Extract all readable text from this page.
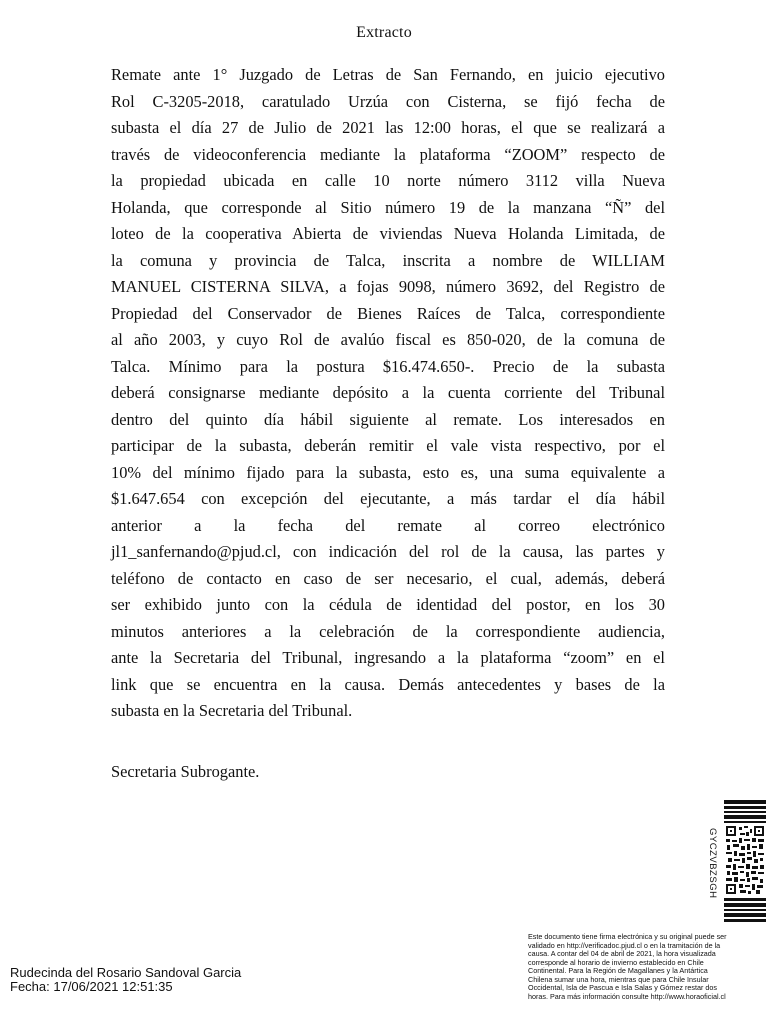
Extracto
Remate ante 1° Juzgado de Letras de San Fernando, en juicio ejecutivo
Rol C-3205-2018, caratulado Urzúa con Cisterna, se fijó fecha de
subasta el día 27 de Julio de 2021 las 12:00 horas, el que se realizará a
través de videoconferencia mediante la plataforma “ZOOM” respecto de
la propiedad ubicada en calle 10 norte número 3112 villa Nueva
Holanda, que corresponde al Sitio número 19 de la manzana “Ñ” del
loteo de la cooperativa Abierta de viviendas Nueva Holanda Limitada, de
la comuna y provincia de Talca, inscrita a nombre de WILLIAM
MANUEL CISTERNA SILVA, a fojas 9098, número 3692, del Registro de
Propiedad del Conservador de Bienes Raíces de Talca, correspondiente
al año 2003, y cuyo Rol de avalúo fiscal es 850-020, de la comuna de
Talca. Mínimo para la postura $16.474.650-. Precio de la subasta
deberá consignarse mediante depósito a la cuenta corriente del Tribunal
dentro del quinto día hábil siguiente al remate. Los interesados en
participar de la subasta, deberán remitir el vale vista respectivo, por el
10% del mínimo fijado para la subasta, esto es, una suma equivalente a
$1.647.654 con excepción del ejecutante, a más tardar el día hábil
anterior a la fecha del remate al correo electrónico
jl1_sanfernando@pjud.cl, con indicación del rol de la causa, las partes y
teléfono de contacto en caso de ser necesario, el cual, además, deberá
ser exhibido junto con la cédula de identidad del postor, en los 30
minutos anteriores a la celebración de la correspondiente audiencia,
ante la Secretaria del Tribunal, ingresando a la plataforma “zoom” en el
link que se encuentra en la causa. Demás antecedentes y bases de la
subasta en la Secretaria del Tribunal.
Secretaria Subrogante.
GYCZVBZSGH
Este documento tiene firma electrónica y su original puede ser
validado en http://verificadoc.pjud.cl o en la tramitación de la
causa. A contar del 04 de abril de 2021, la hora visualizada
corresponde al horario de invierno establecido en Chile
Continental. Para la Región de Magallanes y la Antártica
Chilena sumar una hora, mientras que para Chile Insular
Occidental, Isla de Pascua e Isla Salas y Gómez restar dos
horas. Para más información consulte http://www.horaoficial.cl
Rudecinda del Rosario Sandoval Garcia
Fecha: 17/06/2021 12:51:35
